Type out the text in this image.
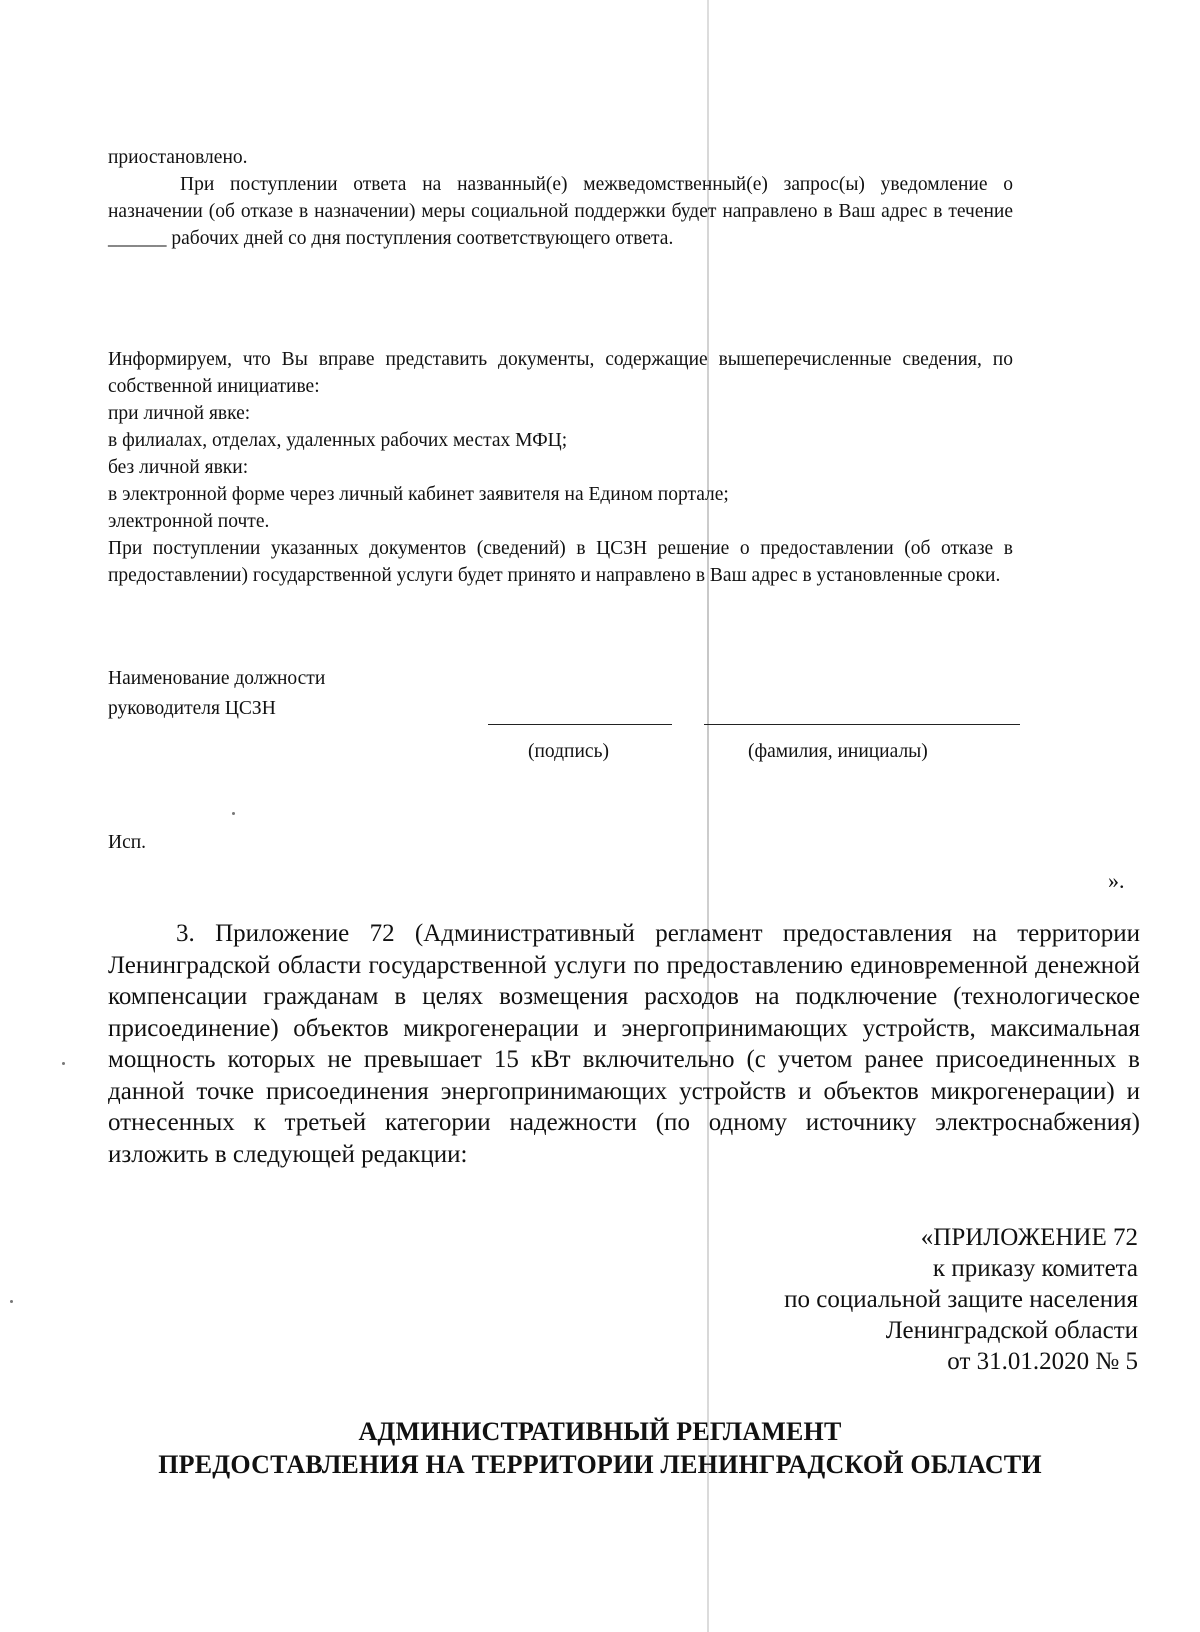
приостановлено.

При поступлении ответа на названный(е) межведомственный(е) запрос(ы) уведомление о назначении (об отказе в назначении) меры социальной поддержки будет направлено в Ваш адрес в течение ______ рабочих дней со дня поступления соответствующего ответа.

Информируем, что Вы вправе представить документы, содержащие вышеперечисленные сведения, по собственной инициативе:

при личной явке:

в филиалах, отделах, удаленных рабочих местах МФЦ;

без личной явки:

в электронной форме через личный кабинет заявителя на Едином портале;

электронной почте.

При поступлении указанных документов (сведений) в ЦСЗН решение о предоставлении (об отказе в предоставлении) государственной услуги будет принято и направлено в Ваш адрес в установленные сроки.

Наименование должности
руководителя ЦСЗН
(подпись)	(фамилия, инициалы)
Исп.
».

3. Приложение 72 (Административный регламент предоставления на территории Ленинградской области государственной услуги по предоставлению единовременной денежной компенсации гражданам в целях возмещения расходов на подключение (технологическое присоединение) объектов микрогенерации и энергопринимающих устройств, максимальная мощность которых не превышает 15 кВт включительно (с учетом ранее присоединенных в данной точке присоединения энергопринимающих устройств и объектов микрогенерации) и отнесенных к третьей категории надежности (по одному источнику электроснабжения) изложить в следующей редакции:

«ПРИЛОЖЕНИЕ 72
к приказу комитета
по социальной защите населения
Ленинградской области
от 31.01.2020 № 5
АДМИНИСТРАТИВНЫЙ РЕГЛАМЕНТ
ПРЕДОСТАВЛЕНИЯ НА ТЕРРИТОРИИ ЛЕНИНГРАДСКОЙ ОБЛАСТИ
